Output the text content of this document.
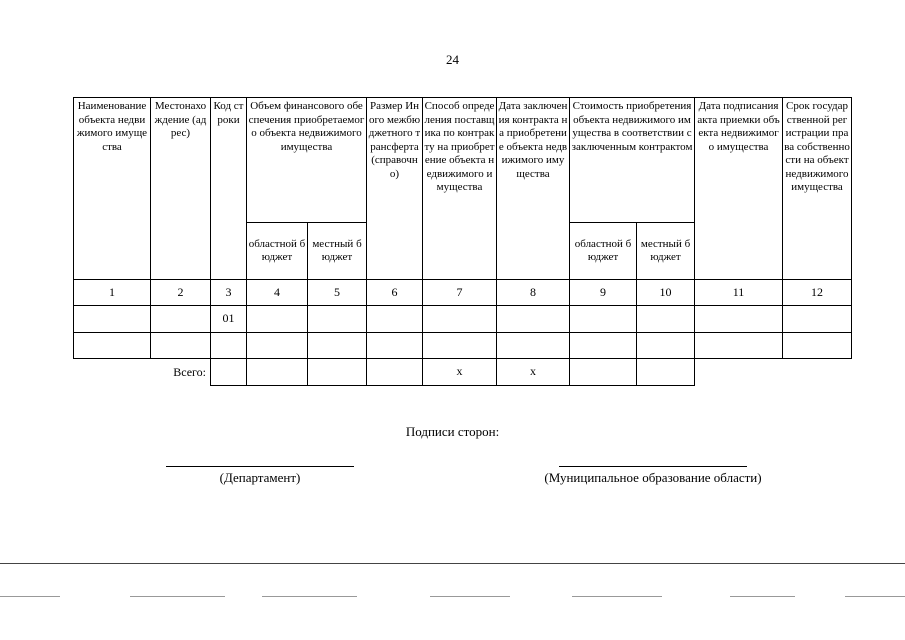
24
Наименование объекта недвижимого имущества	Местонахождение (адрес)	Код строки	Объем финансового обеспечения приобретаемого объекта недвижимого имущества		Размер Иного межбюджетного трансферта (справочно)	Способ определения поставщика по контракту на приобретение объекта недвижимого имущества	Дата заключения контракта на приобретение объекта недвижимого имущества	Стоимость приобретения объекта недвижимого имущества в соответствии с заключенным контрактом		Дата подписания акта приемки объекта недвижимого имущества	Срок государственной регистрации права собственности на объект недвижимого имущества
			областной бюджет	местный бюджет				областной бюджет	местный бюджет		
1	2	3	4	5	6	7	8	9	10	11	12
		01									

Всего:						x	x				
Подписи сторон:
(Департамент)	(Муниципальное образование области)
